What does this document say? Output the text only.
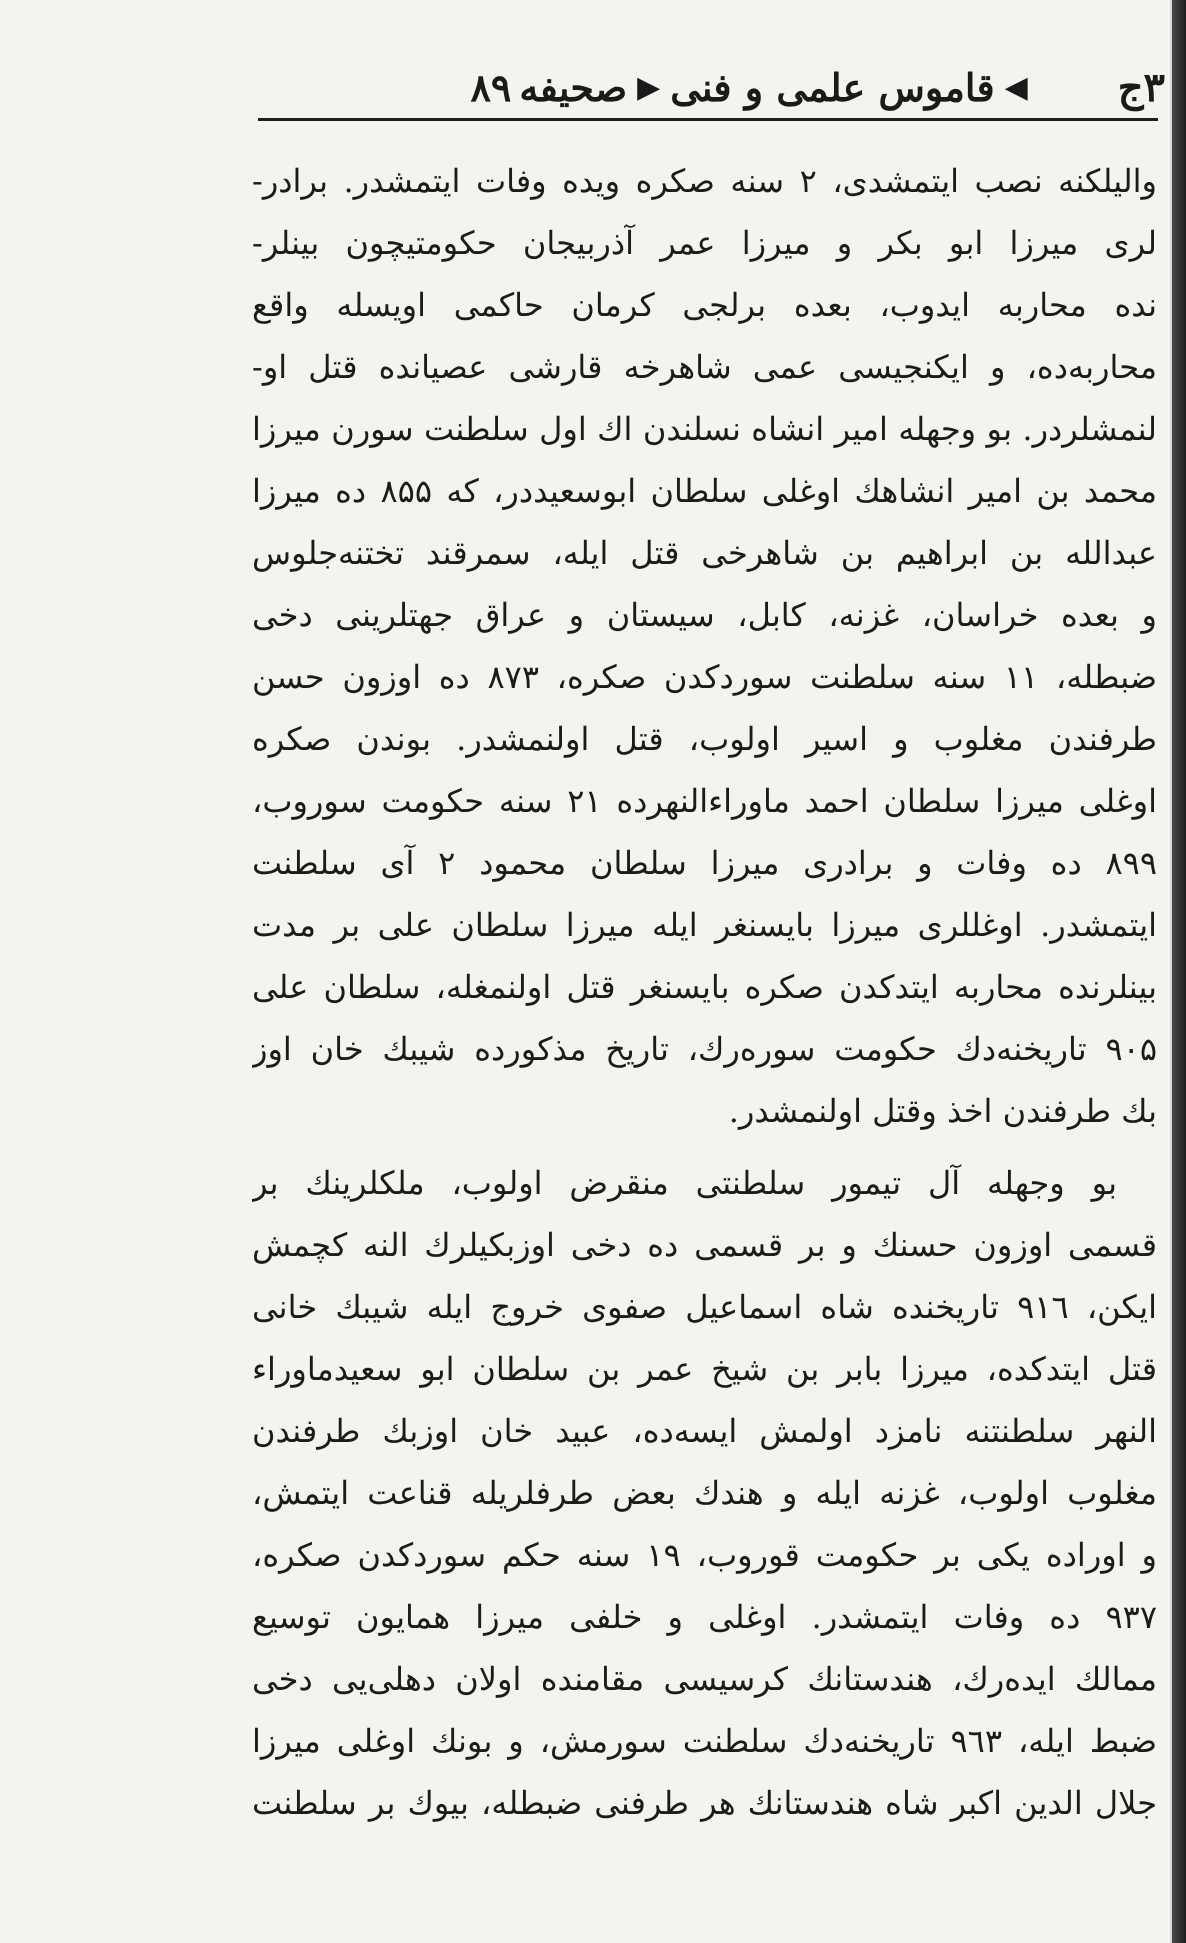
۳ج
◀
قاموس علمى و فنى
▶
صحيفه
۸۹
واليلكنه نصب ايتمشدى، ۲ سنه صكره ويده وفات ايتمشدر. برادر-
لرى ميرزا ابو بكر و ميرزا عمر آذربيجان حكومتيچون بينلر-
نده محاربه ايدوب، بعده برلجى كرمان حاكمى اويسله واقع
محاربه‌ده، و ايكنجيسى عمى شاهرخه قارشى عصيانده قتل او-
لنمشلردر. بو وجهله امير انشاه نسلندن اك اول سلطنت سورن ميرزا
محمد بن امير انشاهك اوغلى سلطان ابوسعيددر، كه ۸۵۵ ده ميرزا
عبدالله بن ابراهيم بن شاهرخى قتل ايله، سمرقند تختنه‌جلوس
و بعده خراسان، غزنه، كابل، سيستان و عراق جهتلرينى دخى
ضبطله، ۱۱ سنه سلطنت سوردكدن صكره، ۸۷۳ ده اوزون حسن
طرفندن مغلوب و اسير اولوب، قتل اولنمشدر. بوندن صكره
اوغلى ميرزا سلطان احمد ماوراءالنهرده ۲۱ سنه حكومت سوروب،
۸۹۹ ده وفات و برادرى ميرزا سلطان محمود ۲ آى سلطنت
ايتمشدر. اوغللرى ميرزا بايسنغر ايله ميرزا سلطان على بر مدت
بينلرنده محاربه ايتدكدن صكره بايسنغر قتل اولنمغله، سلطان على
۹۰۵ تاريخنه‌دك حكومت سورەرك، تاريخ مذكورده شيبك خان اوز
بك طرفندن اخذ وقتل اولنمشدر.
بو وجهله آل تيمور سلطنتى منقرض اولوب، ملكلرينك بر
قسمى اوزون حسنك و بر قسمى ده دخى اوزبكيلرك النه كچمش
ايكن، ۹۱٦ تاريخنده شاه اسماعيل صفوى خروج ايله شيبك خانى
قتل ايتدكده، ميرزا بابر بن شيخ عمر بن سلطان ابو سعيدماوراء
النهر سلطنتنه نامزد اولمش ايسه‌ده، عبيد خان اوزبك طرفندن
مغلوب اولوب، غزنه ايله و هندك بعض طرفلريله قناعت ايتمش،
و اوراده يكى بر حكومت قوروب، ۱۹ سنه حكم سوردكدن صكره،
۹۳۷ ده وفات ايتمشدر. اوغلى و خلفى ميرزا همايون توسيع
ممالك ايده‌رك، هندستانك كرسيسى مقامنده اولان دهلى‌يى دخى
ضبط ايله، ۹٦۳ تاريخنه‌دك سلطنت سورمش، و بونك اوغلى ميرزا
جلال الدين اكبر شاه هندستانك هر طرفنى ضبطله، بيوك بر سلطنت
